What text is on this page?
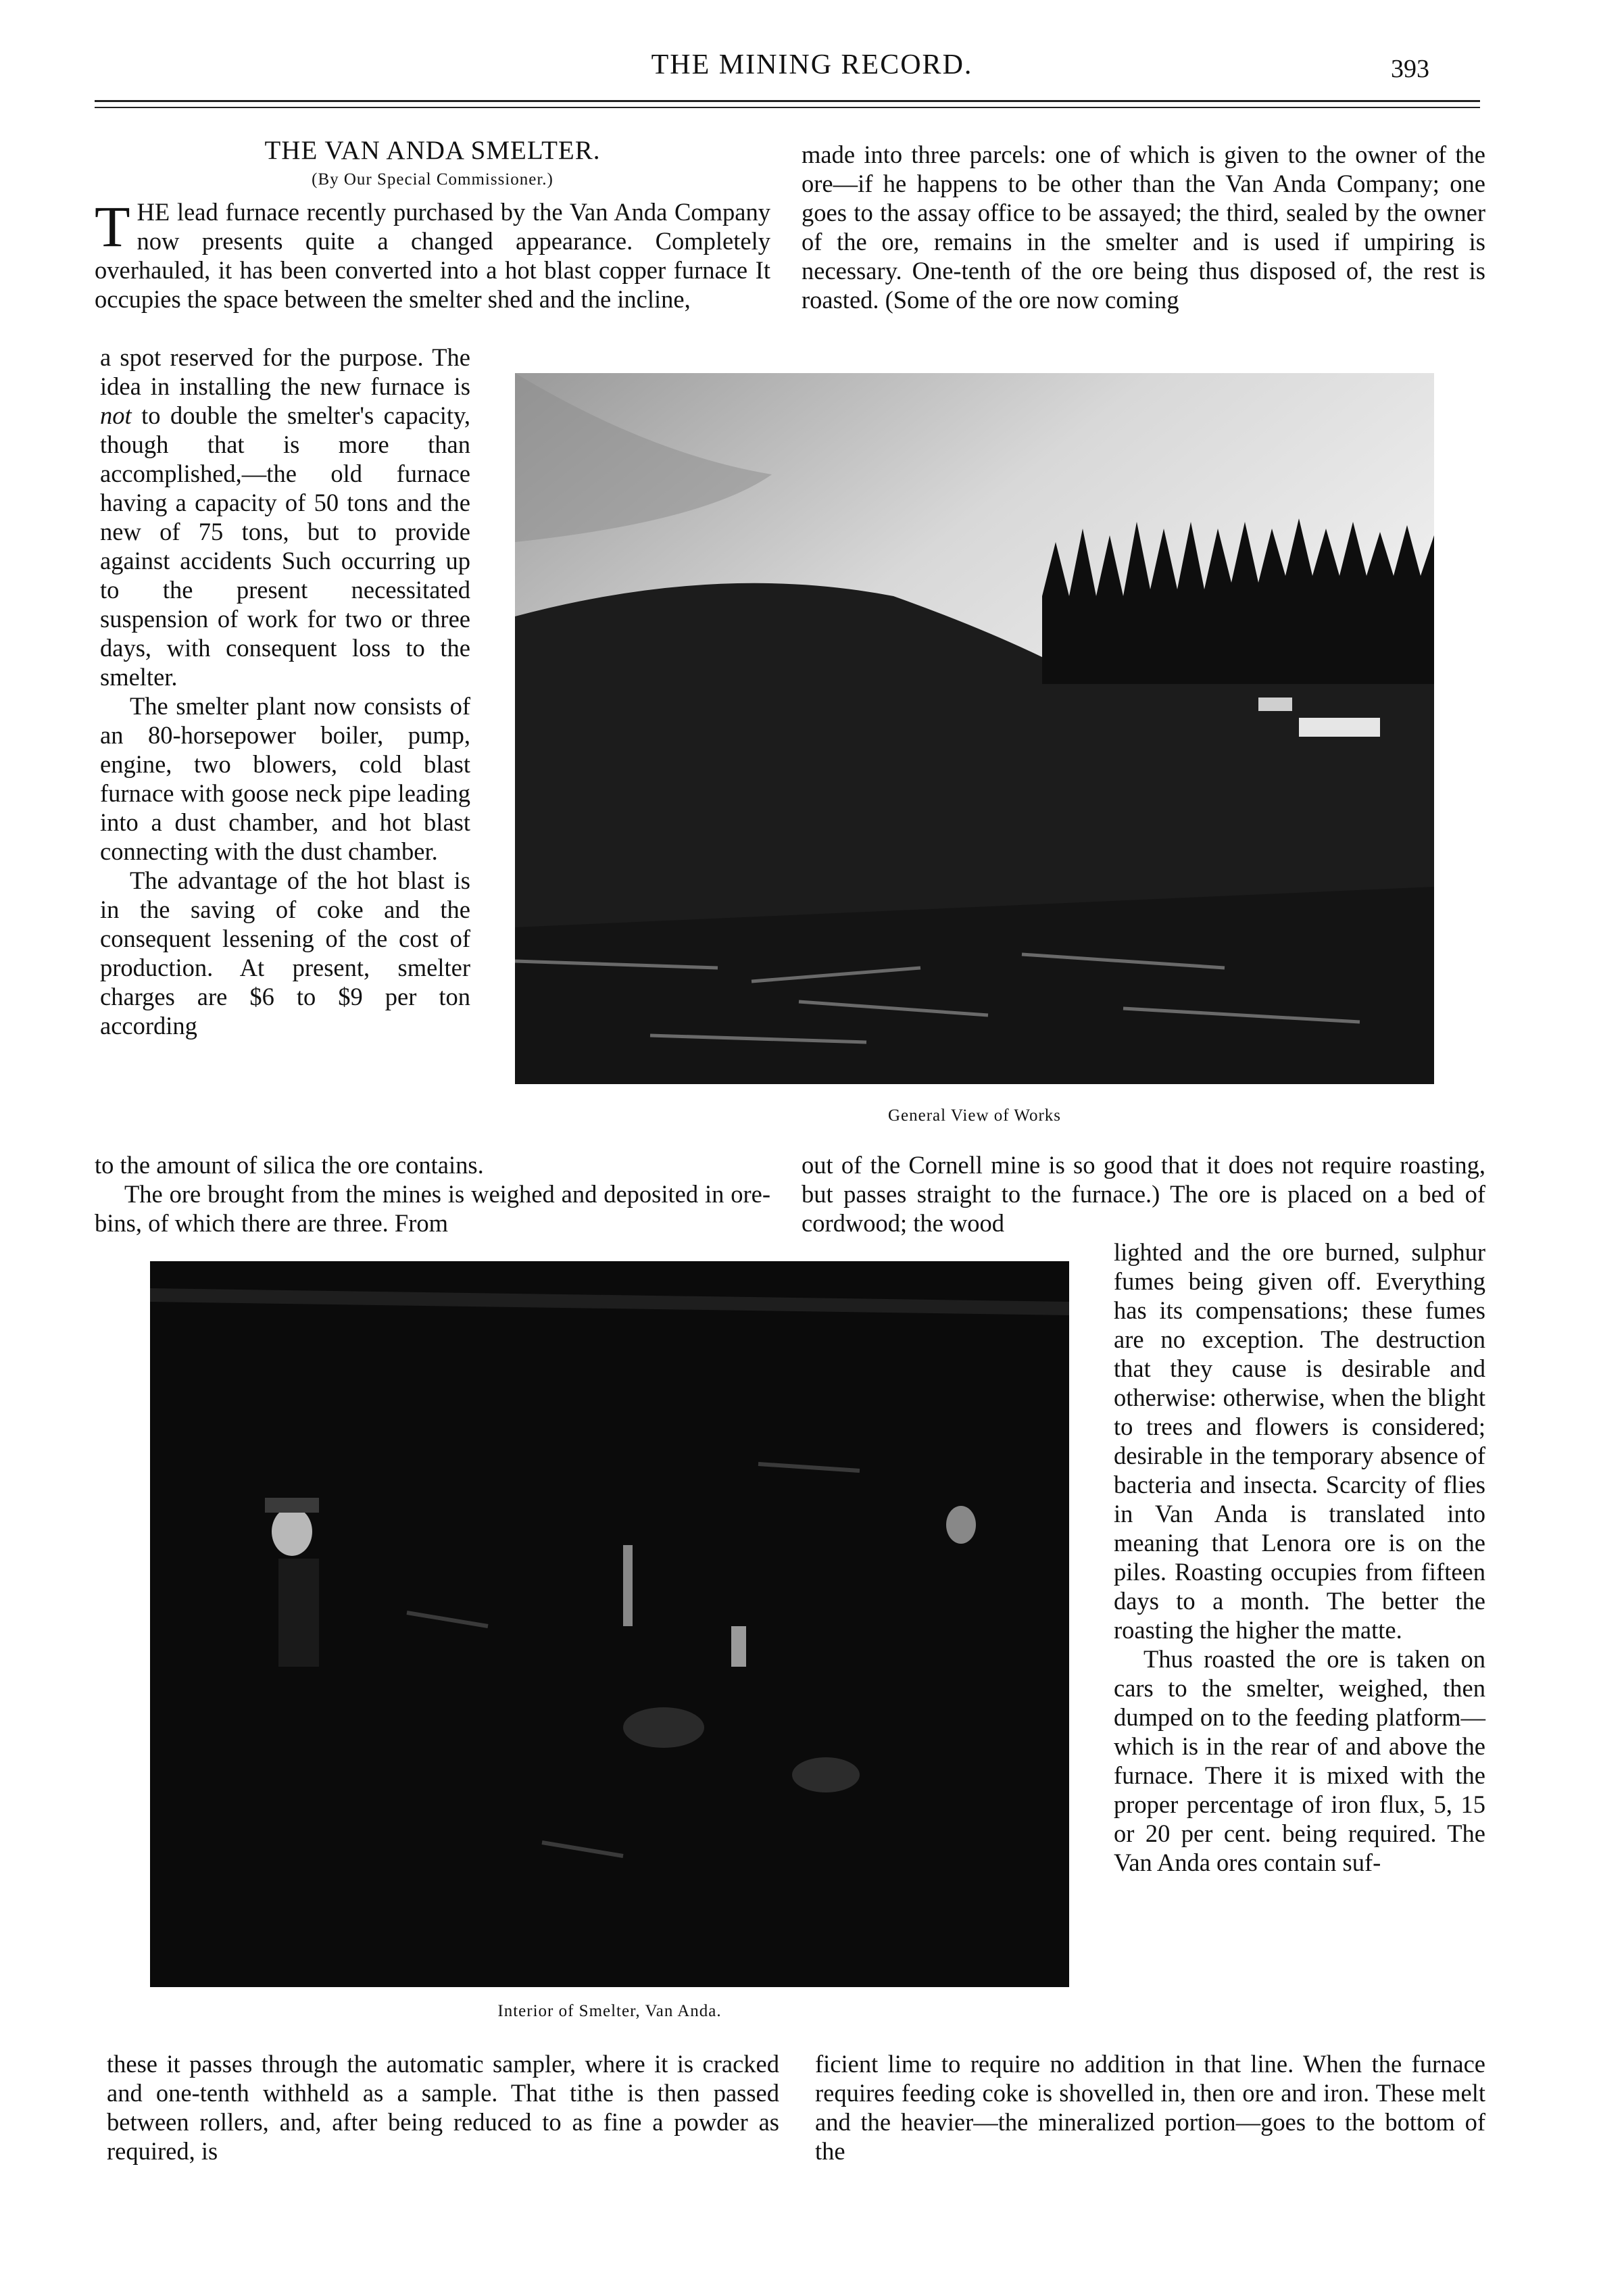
THE MINING RECORD.	393
THE VAN ANDA SMELTER.
(By Our Special Commissioner.)

THE lead furnace recently purchased by the Van Anda Company now presents quite a changed appearance. Completely overhauled, it has been converted into a hot blast copper furnace It occupies the space between the smelter shed and the incline,

a spot reserved for the purpose. The idea in installing the new furnace is not to double the smelter's capacity, though that is more than accomplished,—the old furnace having a capacity of 50 tons and the new of 75 tons, but to provide against accidents Such occurring up to the present necessitated suspension of work for two or three days, with consequent loss to the smelter.

The smelter plant now consists of an 80-horsepower boiler, pump, engine, two blowers, cold blast furnace with goose neck pipe leading into a dust chamber, and hot blast connecting with the dust chamber.

The advantage of the hot blast is in the saving of coke and the consequent lessening of the cost of production. At present, smelter charges are $6 to $9 per ton according

to the amount of silica the ore contains.

The ore brought from the mines is weighed and deposited in ore-bins, of which there are three. From

General View of Works

made into three parcels: one of which is given to the owner of the ore—if he happens to be other than the Van Anda Company; one goes to the assay office to be assayed; the third, sealed by the owner of the ore, remains in the smelter and is used if umpiring is necessary. One-tenth of the ore being thus disposed of, the rest is roasted. (Some of the ore now coming

out of the Cornell mine is so good that it does not require roasting, but passes straight to the furnace.) The ore is placed on a bed of cordwood; the wood

Interior of Smelter, Van Anda.

lighted and the ore burned, sulphur fumes being given off. Everything has its compensations; these fumes are no exception. The destruction that they cause is desirable and otherwise: otherwise, when the blight to trees and flowers is considered; desirable in the temporary absence of bacteria and insecta. Scarcity of flies in Van Anda is translated into meaning that Lenora ore is on the piles. Roasting occupies from fifteen days to a month. The better the roasting the higher the matte.

Thus roasted the ore is taken on cars to the smelter, weighed, then dumped on to the feeding platform—which is in the rear of and above the furnace. There it is mixed with the proper percentage of iron flux, 5, 15 or 20 per cent. being required. The Van Anda ores contain suf-

these it passes through the automatic sampler, where it is cracked and one-tenth withheld as a sample. That tithe is then passed between rollers, and, after being reduced to as fine a powder as required, is

ficient lime to require no addition in that line. When the furnace requires feeding coke is shovelled in, then ore and iron. These melt and the heavier—the mineralized portion—goes to the bottom of the
